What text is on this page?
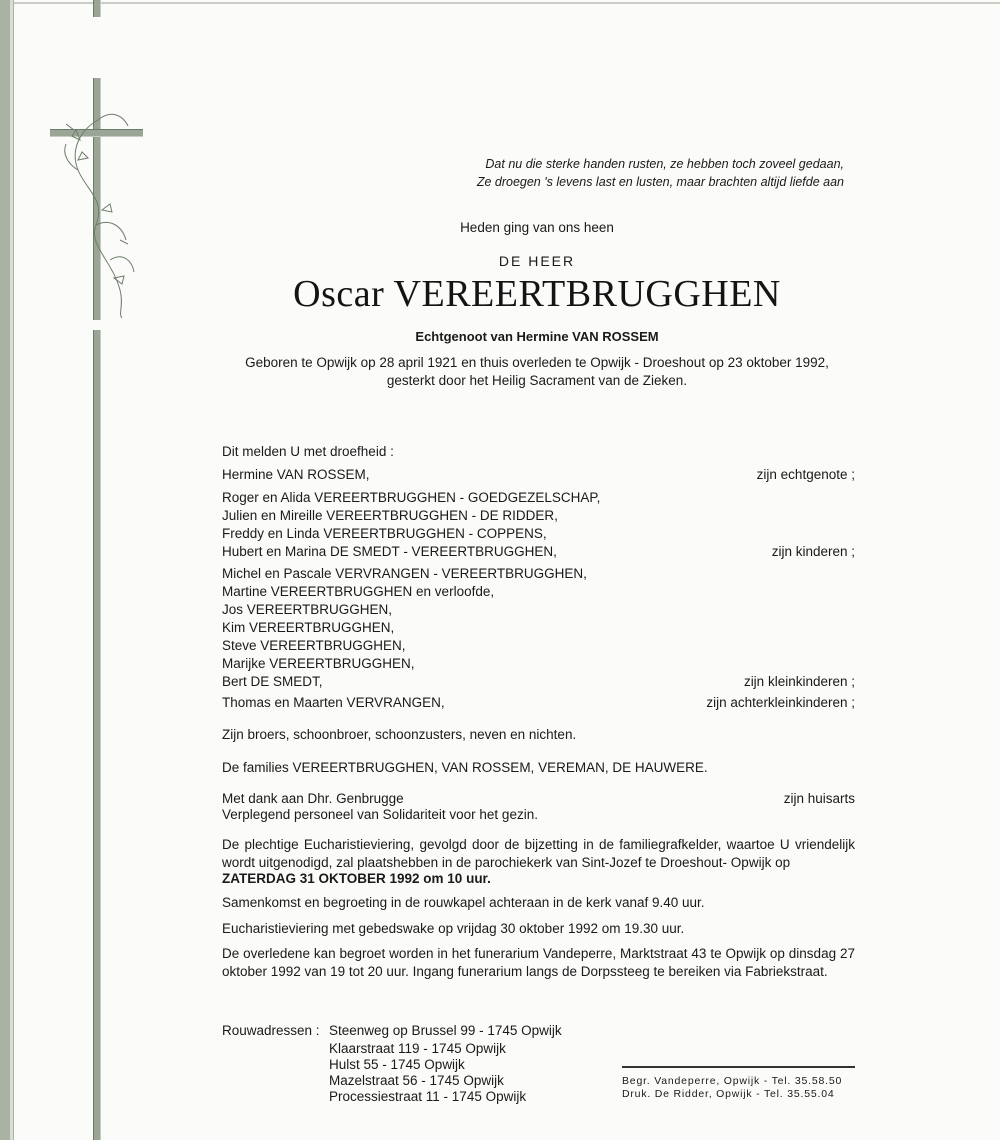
Dat nu die sterke handen rusten, ze hebben toch zoveel gedaan,
Ze droegen 's levens last en lusten, maar brachten altijd liefde aan
Heden ging van ons heen
DE HEER
Oscar VEREERTBRUGGHEN
Echtgenoot van Hermine VAN ROSSEM
Geboren te Opwijk op 28 april 1921 en thuis overleden te Opwijk - Droeshout op 23 oktober 1992,
gesterkt door het Heilig Sacrament van de Zieken.
Dit melden U met droefheid :
Hermine VAN ROSSEM,	zijn echtgenote ;
Roger en Alida VEREERTBRUGGHEN - GOEDGEZELSCHAP,
Julien en Mireille VEREERTBRUGGHEN - DE RIDDER,
Freddy en Linda VEREERTBRUGGHEN - COPPENS,
Hubert en Marina DE SMEDT - VEREERTBRUGGHEN,	zijn kinderen ;
Michel en Pascale VERVRANGEN - VEREERTBRUGGHEN,
Martine VEREERTBRUGGHEN en verloofde,
Jos VEREERTBRUGGHEN,
Kim VEREERTBRUGGHEN,
Steve VEREERTBRUGGHEN,
Marijke VEREERTBRUGGHEN,
Bert DE SMEDT,	zijn kleinkinderen ;
Thomas en Maarten VERVRANGEN,	zijn achterkleinkinderen ;
Zijn broers, schoonbroer, schoonzusters, neven en nichten.
De families VEREERTBRUGGHEN, VAN ROSSEM, VEREMAN, DE HAUWERE.
Met dank aan Dhr. Genbrugge	zijn huisarts
Verplegend personeel van Solidariteit voor het gezin.
De plechtige Eucharistieviering, gevolgd door de bijzetting in de familiegrafkelder, waartoe U vriendelijk wordt uitgenodigd, zal plaatshebben in de parochiekerk van Sint-Jozef te Droeshout- Opwijk op
ZATERDAG 31 OKTOBER 1992 om 10 uur.
Samenkomst en begroeting in de rouwkapel achteraan in de kerk vanaf 9.40 uur.
Eucharistieviering met gebedswake op vrijdag 30 oktober 1992 om 19.30 uur.
De overledene kan begroet worden in het funerarium Vandeperre, Marktstraat 43 te Opwijk op dinsdag 27 oktober 1992 van 19 tot 20 uur. Ingang funerarium langs de Dorpssteeg te bereiken via Fabriekstraat.
Rouwadressen : Steenweg op Brussel 99 - 1745 Opwijk
Klaarstraat 119 - 1745 Opwijk
Hulst 55 - 1745 Opwijk
Mazelstraat 56 - 1745 Opwijk
Processiestraat 11 - 1745 Opwijk
Begr. Vandeperre, Opwijk - Tel. 35.58.50
Druk. De Ridder, Opwijk - Tel. 35.55.04
